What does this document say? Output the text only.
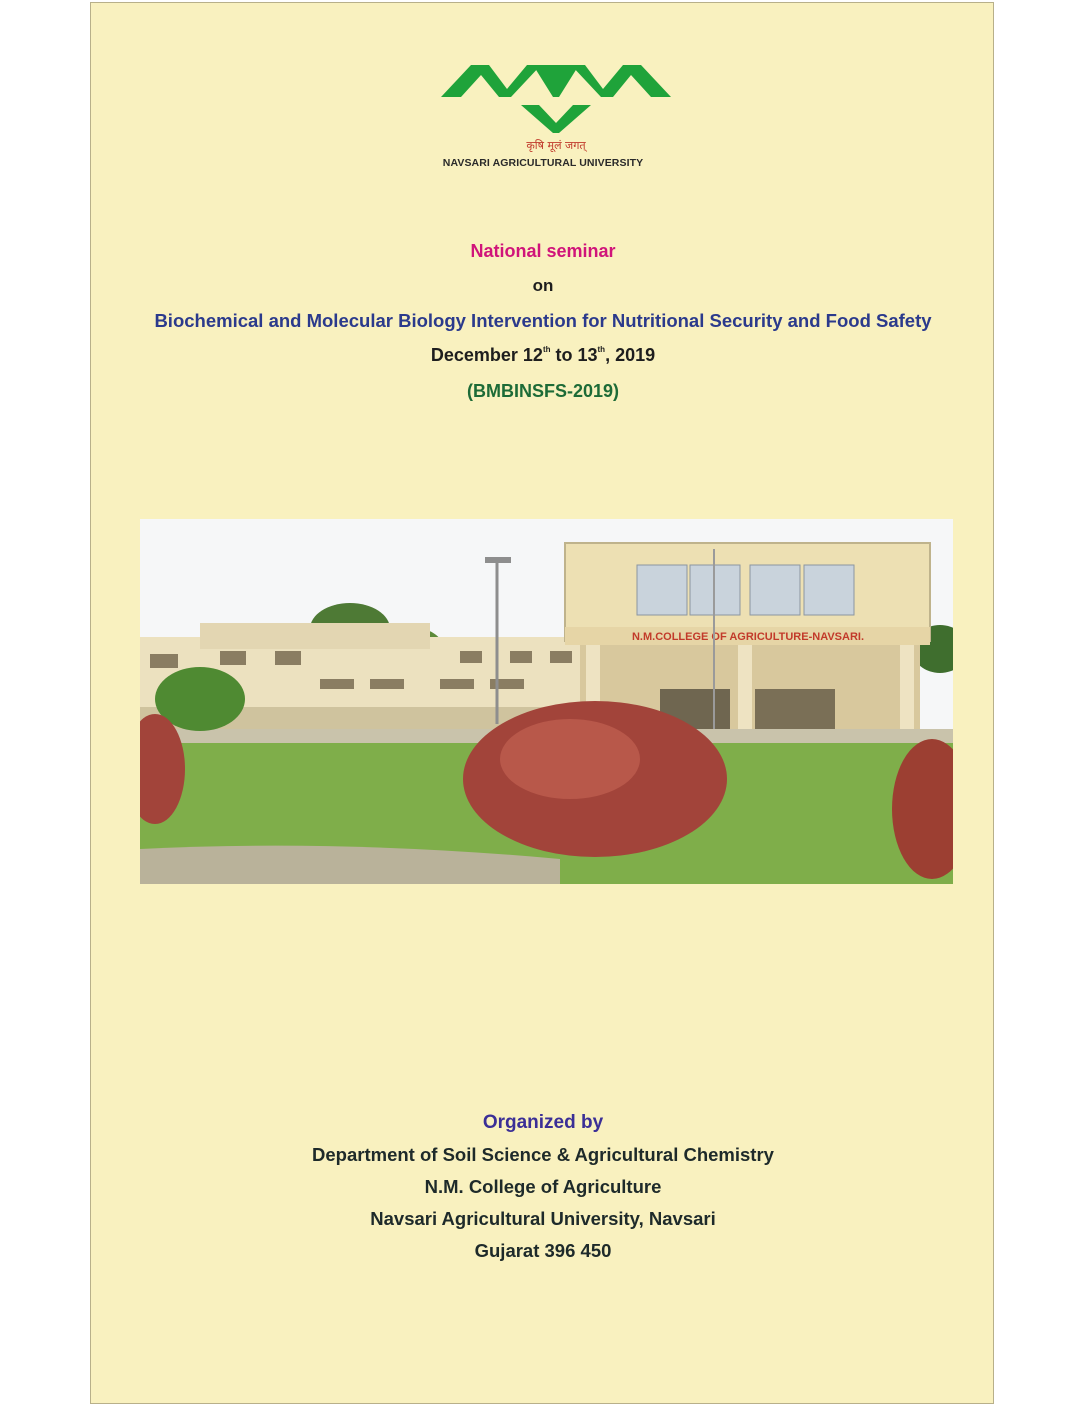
कृषि मूलं जगत्
NAVSARI AGRICULTURAL UNIVERSITY
National seminar
on
Biochemical and Molecular Biology Intervention for Nutritional Security and Food Safety
December 12th to 13th, 2019
(BMBINSFS-2019)
N.M.COLLEGE OF AGRICULTURE-NAVSARI.
Organized by
Department of Soil Science & Agricultural Chemistry
N.M. College of Agriculture
Navsari Agricultural University, Navsari
Gujarat 396 450
